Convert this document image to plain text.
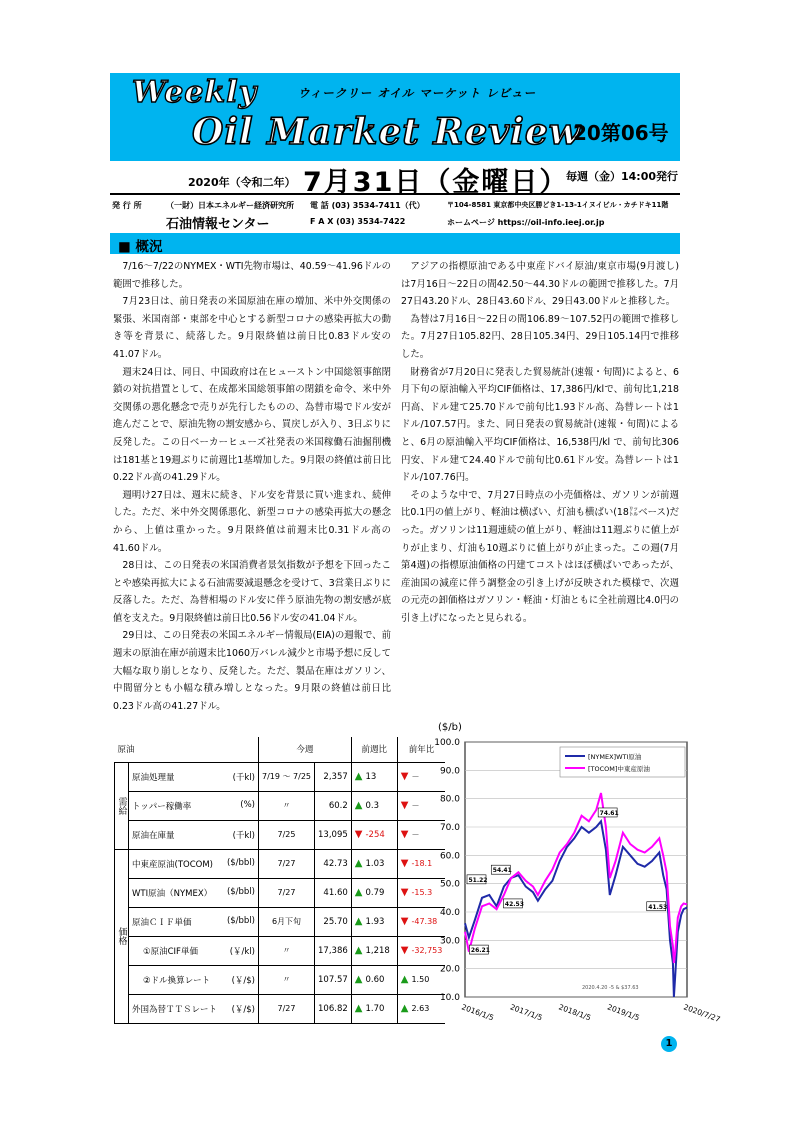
Weekly	ウィークリー オイル マーケット レビュー
Oil Market Review
20第06号
2020年（令和二年） 7月31日（金曜日）
毎週（金）14:00発行
発 行 所	（一財）日本エネルギー経済研究所
石油情報センター
電 話 (03) 3534-7411（代）
F A X (03) 3534-7422
〒104-8581 東京都中央区勝どき1-13-1イヌイビル・カチドキ11階
ホームページ https://oil-info.ieej.or.jp
■ 概況

7/16～7/22のNYMEX・WTI先物市場は、40.59～41.96ドルの範囲で推移した。

7月23日は、前日発表の米国原油在庫の増加、米中外交関係の緊張、米国南部・東部を中心とする新型コロナの感染再拡大の動き等を背景に、続落した。9月限終値は前日比0.83ドル安の41.07ドル。

週末24日は、同日、中国政府は在ヒューストン中国総領事館閉鎖の対抗措置として、在成都米国総領事館の閉鎖を命令、米中外交関係の悪化懸念で売りが先行したものの、為替市場でドル安が進んだことで、原油先物の割安感から、買戻しが入り、3日ぶりに反発した。この日ベーカーヒューズ社発表の米国稼働石油掘削機は181基と19週ぶりに前週比1基増加した。9月限の終値は前日比0.22ドル高の41.29ドル。

週明け27日は、週末に続き、ドル安を背景に買い進まれ、続伸した。ただ、米中外交関係悪化、新型コロナの感染再拡大の懸念から、上値は重かった。9月限終値は前週末比0.31ドル高の41.60ドル。

28日は、この日発表の米国消費者景気指数が予想を下回ったことや感染再拡大による石油需要減退懸念を受けて、3営業日ぶりに反落した。ただ、為替相場のドル安に伴う原油先物の割安感が底値を支えた。9月限終値は前日比0.56ドル安の41.04ドル。

29日は、この日発表の米国エネルギー情報局(EIA)の週報で、前週末の原油在庫が前週末比1060万バレル減少と市場予想に反して大幅な取り崩しとなり、反発した。ただ、製品在庫はガソリン、中間留分とも小幅な積み増しとなった。9月限の終値は前日比0.23ドル高の41.27ドル。

アジアの指標原油である中東産ドバイ原油/東京市場(9月渡し)は7月16日～22日の間42.50～44.30ドルの範囲で推移した。7月27日43.20ドル、28日43.60ドル、29日43.00ドルと推移した。

為替は7月16日～22日の間106.89～107.52円の範囲で推移した。7月27日105.82円、28日105.34円、29日105.14円で推移した。

財務省が7月20日に発表した貿易統計(速報・旬間)によると、6月下旬の原油輸入平均CIF価格は、17,386円/klで、前旬比1,218円高、ドル建て25.70ドルで前旬比1.93ドル高、為替レートは1ドル/107.57円。また、同日発表の貿易統計(速報・旬間)によると、6月の原油輸入平均CIF価格は、16,538円/kl で、前旬比306円安、ドル建て24.40ドルで前旬比0.61ドル安。為替レートは1ドル/107.76円。

そのような中で、7月27日時点の小売価格は、ガソリンが前週比0.1円の値上がり、軽油は横ばい、灯油も横ばい(18㍑ベース)だった。ガソリンは11週連続の値上がり、軽油は11週ぶりに値上がりが止まり、灯油も10週ぶりに値上がりが止まった。この週(7月第4週)の指標原油価格の円建てコストはほぼ横ばいであったが、産油国の減産に伴う調整金の引き上げが反映された模様で、次週の元売の卸価格はガソリン・軽油・灯油ともに全社前週比4.0円の引き上げになったと見られる。

($/b)
原油		今週		前週比	前年比
需給	原油処理量 (千kl)	7/19 ～ 7/25	2,357	▲ 13	▼ －

	トッパー稼働率 (%)	〃	60.2	▲ 0.3	▼ －

	原油在庫量 (千kl)	7/25	13,095	▼ -254	▼ －
価格	中東産原油(TOCOM) ($/bbl)	7/27	42.73	▲ 1.03	▼ -18.1

	WTI原油（NYMEX） ($/bbl)	7/27	41.60	▲ 0.79	▼ -15.3

	原油ＣＩＦ単価 ($/bbl)	6月下旬	25.70	▲ 1.93	▼ -47.38

	①原油CIF単価 (￥/kl)	〃	17,386	▲ 1,218	▼ -32,753

	②ドル換算レート (￥/$)	〃	107.57	▲ 0.60	▲ 1.50

	外国為替ＴＴＳレート (￥/$)	7/27	106.82	▲ 1.70	▲ 2.63
10.0
20.0
30.0
40.0
50.0
60.0
70.0
80.0
90.0
100.0
2016/1/5 2017/1/5 2018/1/5 2019/1/5	2020/7/27
[NYMEX]WTI原油
[TOCOM]中東産原油
51.22
54.41
42.53
74.61
41.53
26.21
2020.4.20 -5 & $37.63
1
